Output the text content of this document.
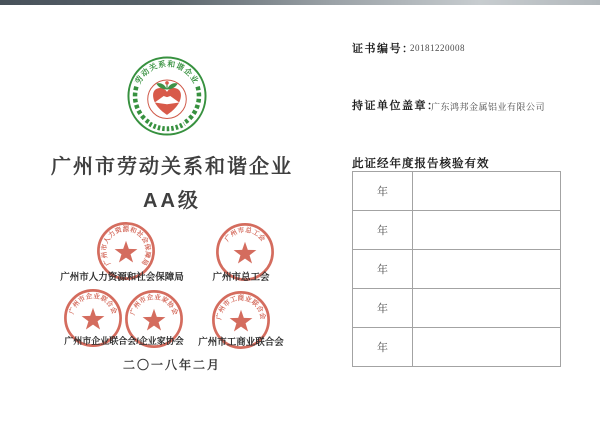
劳动关系和谐企业
广州市劳动关系和谐企业
AA级
广州市人力资源和社会保障局
广州市总工会
广州市企业联合会 广州市企业家协会
广州市工商业联合会
广州市人力资源和社会保障局	广州市总工会
广州市企业联合会/企业家协会	广州市工商业联合会
二〇一八年二月
证书编号：
20181220008
持证单位盖章：
广东鸿邦金属铝业有限公司
此证经年度报告核验有效
年	
年	
年	
年	
年	
